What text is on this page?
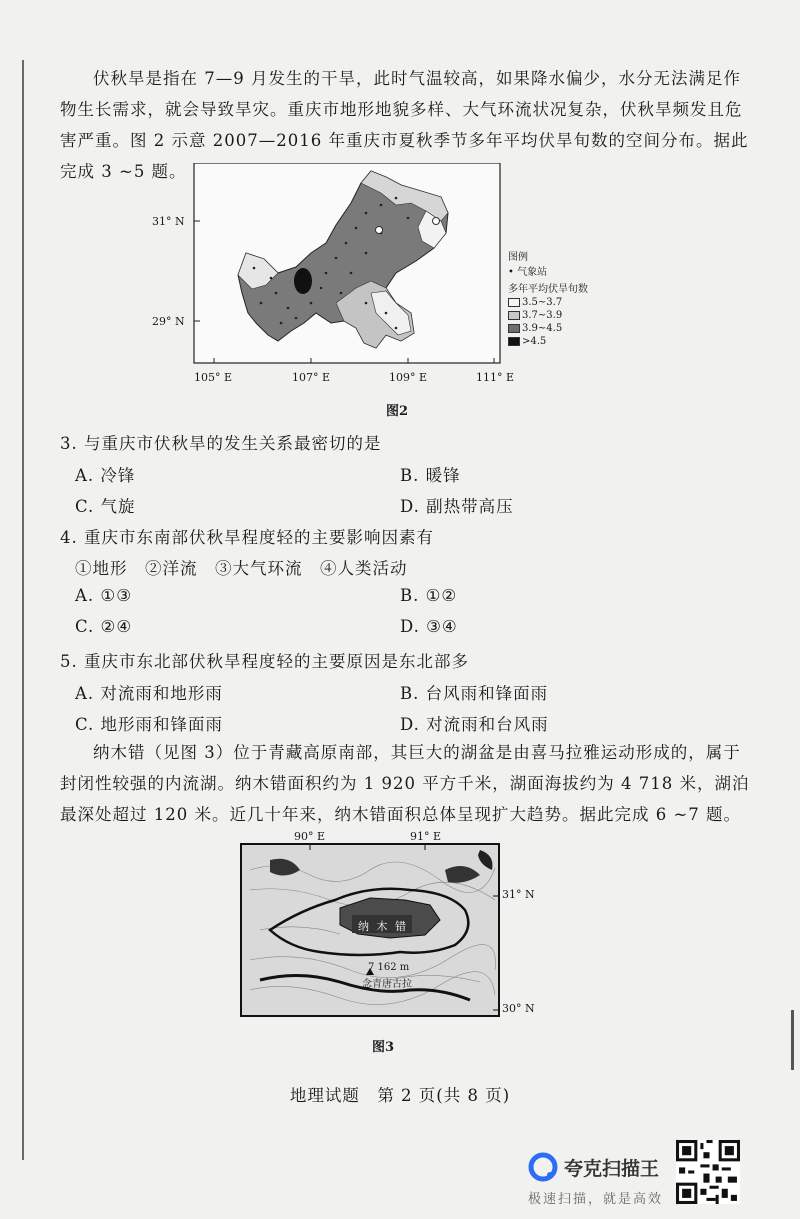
伏秋旱是指在 7—9 月发生的干旱，此时气温较高，如果降水偏少，水分无法满足作物生长需求，就会导致旱灾。重庆市地形地貌多样、大气环流状况复杂，伏秋旱频发且危害严重。图 2 示意 2007—2016 年重庆市夏秋季节多年平均伏旱旬数的空间分布。据此完成 3 ~5 题。

31° N
29° N
105° E	107° E	109° E	111° E
图例
• 气象站
多年平均伏旱旬数
3.5~3.7
3.7~3.9
3.9~4.5
>4.5
图2
3. 与重庆市伏秋旱的发生关系最密切的是
A. 冷锋	B. 暖锋
C. 气旋	D. 副热带高压
4. 重庆市东南部伏秋旱程度轻的主要影响因素有
①地形　②洋流　③大气环流　④人类活动
A. ①③	B. ①②
C. ②④	D. ③④
5. 重庆市东北部伏秋旱程度轻的主要原因是东北部多
A. 对流雨和地形雨	B. 台风雨和锋面雨
C. 地形雨和锋面雨	D. 对流雨和台风雨

纳木错（见图 3）位于青藏高原南部，其巨大的湖盆是由喜马拉雅运动形成的，属于封闭性较强的内流湖。纳木错面积约为 1 920 平方千米，湖面海拔约为 4 718 米，湖泊最深处超过 120 米。近几十年来，纳木错面积总体呈现扩大趋势。据此完成 6 ~7 题。

90° E	91° E
31° N
30° N
纳 木 错
7 162 m
念青唐古拉
图3
地理试题　第 2 页(共 8 页)
夸克扫描王
极速扫描，就是高效
